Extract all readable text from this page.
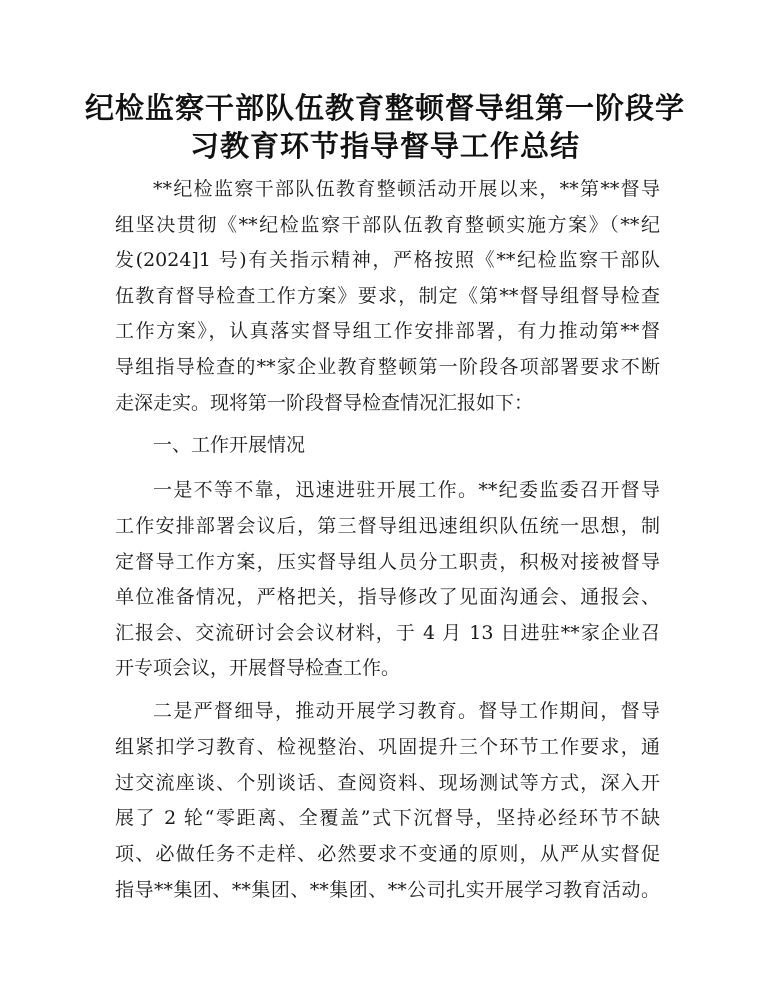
纪检监察干部队伍教育整顿督导组第一阶段学
习教育环节指导督导工作总结
**纪检监察干部队伍教育整顿活动开展以来，**第**督导
组坚决贯彻《**纪检监察干部队伍教育整顿实施方案》（**纪
发(2024]1 号)有关指示精神，严格按照《**纪检监察干部队
伍教育督导检查工作方案》要求，制定《第**督导组督导检查
工作方案》，认真落实督导组工作安排部署，有力推动第**督
导组指导检查的**家企业教育整顿第一阶段各项部署要求不断
走深走实。现将第一阶段督导检查情况汇报如下：
一、工作开展情况
一是不等不靠，迅速进驻开展工作。**纪委监委召开督导
工作安排部署会议后，第三督导组迅速组织队伍统一思想，制
定督导工作方案，压实督导组人员分工职责，积极对接被督导
单位准备情况，严格把关，指导修改了见面沟通会、通报会、
汇报会、交流研讨会会议材料，于 4 月 13 日进驻**家企业召
开专项会议，开展督导检查工作。
二是严督细导，推动开展学习教育。督导工作期间，督导
组紧扣学习教育、检视整治、巩固提升三个环节工作要求，通
过交流座谈、个别谈话、查阅资料、现场测试等方式，深入开
展了 2 轮“零距离、全覆盖”式下沉督导，坚持必经环节不缺
项、必做任务不走样、必然要求不变通的原则，从严从实督促
指导**集团、**集团、**集团、**公司扎实开展学习教育活动。
